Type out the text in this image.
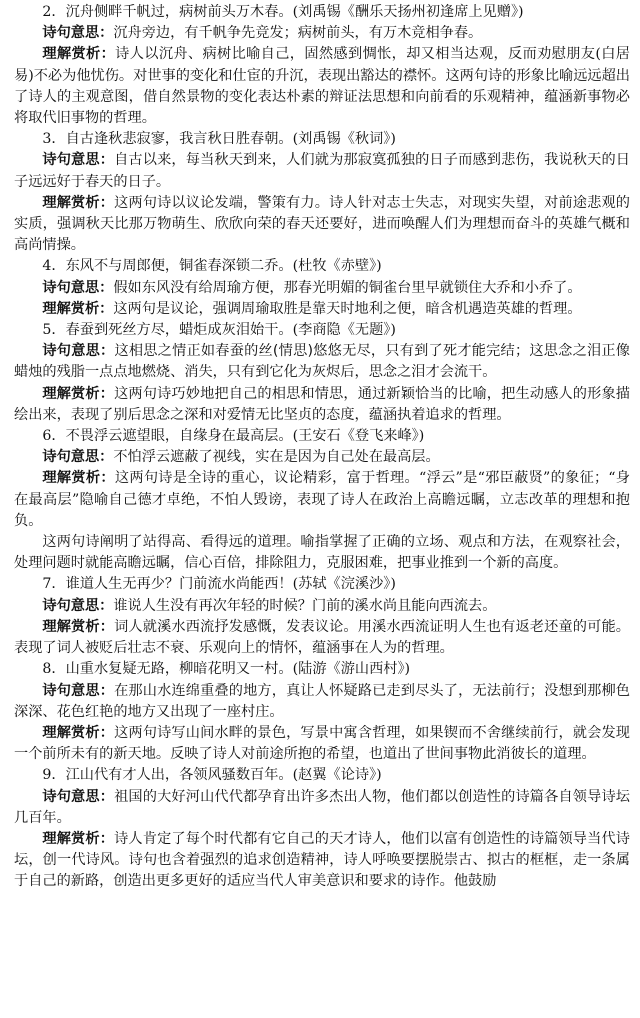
2．沉舟侧畔千帆过，病树前头万木春。(刘禹锡《酬乐天扬州初逢席上见赠》)

诗句意思：沉舟旁边，有千帆争先竞发；病树前头，有万木竞相争春。

理解赏析：诗人以沉舟、病树比喻自己，固然感到惆怅，却又相当达观，反而劝慰朋友(白居易)不必为他忧伤。对世事的变化和仕宦的升沉，表现出豁达的襟怀。这两句诗的形象比喻远远超出了诗人的主观意图，借自然景物的变化表达朴素的辩证法思想和向前看的乐观精神，蕴涵新事物必将取代旧事物的哲理。

3．自古逢秋悲寂寥，我言秋日胜春朝。(刘禹锡《秋词》)

诗句意思：自古以来，每当秋天到来，人们就为那寂寞孤独的日子而感到悲伤，我说秋天的日子远远好于春天的日子。

理解赏析：这两句诗以议论发端，警策有力。诗人针对志士失志，对现实失望，对前途悲观的实质，强调秋天比那万物萌生、欣欣向荣的春天还要好，进而唤醒人们为理想而奋斗的英雄气概和高尚情操。

4．东风不与周郎便，铜雀春深锁二乔。(杜牧《赤壁》)

诗句意思：假如东风没有给周瑜方便，那春光明媚的铜雀台里早就锁住大乔和小乔了。

理解赏析：这两句是议论，强调周瑜取胜是靠天时地利之便，暗含机遇造英雄的哲理。

5．春蚕到死丝方尽，蜡炬成灰泪始干。(李商隐《无题》)

诗句意思：这相思之情正如春蚕的丝(情思)悠悠无尽，只有到了死才能完结；这思念之泪正像蜡烛的残脂一点点地燃烧、消失，只有到它化为灰烬后，思念之泪才会流干。

理解赏析：这两句诗巧妙地把自己的相思和情思，通过新颖恰当的比喻，把生动感人的形象描绘出来，表现了别后思念之深和对爱情无比坚贞的态度，蕴涵执着追求的哲理。

6．不畏浮云遮望眼，自缘身在最高层。(王安石《登飞来峰》)

诗句意思：不怕浮云遮蔽了视线，实在是因为自己处在最高层。

理解赏析：这两句诗是全诗的重心，议论精彩，富于哲理。“浮云”是“邪臣蔽贤”的象征；“身在最高层”隐喻自己德才卓绝，不怕人毁谤，表现了诗人在政治上高瞻远瞩，立志改革的理想和抱负。

这两句诗阐明了站得高、看得远的道理。喻指掌握了正确的立场、观点和方法，在观察社会，处理问题时就能高瞻远瞩，信心百倍，排除阻力，克服困难，把事业推到一个新的高度。

7．谁道人生无再少？门前流水尚能西！(苏轼《浣溪沙》)

诗句意思：谁说人生没有再次年轻的时候？门前的溪水尚且能向西流去。

理解赏析：词人就溪水西流抒发感慨，发表议论。用溪水西流证明人生也有返老还童的可能。表现了词人被贬后壮志不衰、乐观向上的情怀，蕴涵事在人为的哲理。

8．山重水复疑无路，柳暗花明又一村。(陆游《游山西村》)

诗句意思：在那山水连绵重叠的地方，真让人怀疑路已走到尽头了，无法前行；没想到那柳色深深、花色红艳的地方又出现了一座村庄。

理解赏析：这两句诗写山间水畔的景色，写景中寓含哲理，如果锲而不舍继续前行，就会发现一个前所未有的新天地。反映了诗人对前途所抱的希望，也道出了世间事物此消彼长的道理。

9．江山代有才人出，各领风骚数百年。(赵翼《论诗》)

诗句意思：祖国的大好河山代代都孕育出许多杰出人物，他们都以创造性的诗篇各自领导诗坛几百年。

理解赏析：诗人肯定了每个时代都有它自己的天才诗人，他们以富有创造性的诗篇领导当代诗坛，创一代诗风。诗句也含着强烈的追求创造精神，诗人呼唤要摆脱崇古、拟古的框框，走一条属于自己的新路，创造出更多更好的适应当代人审美意识和要求的诗作。他鼓励
